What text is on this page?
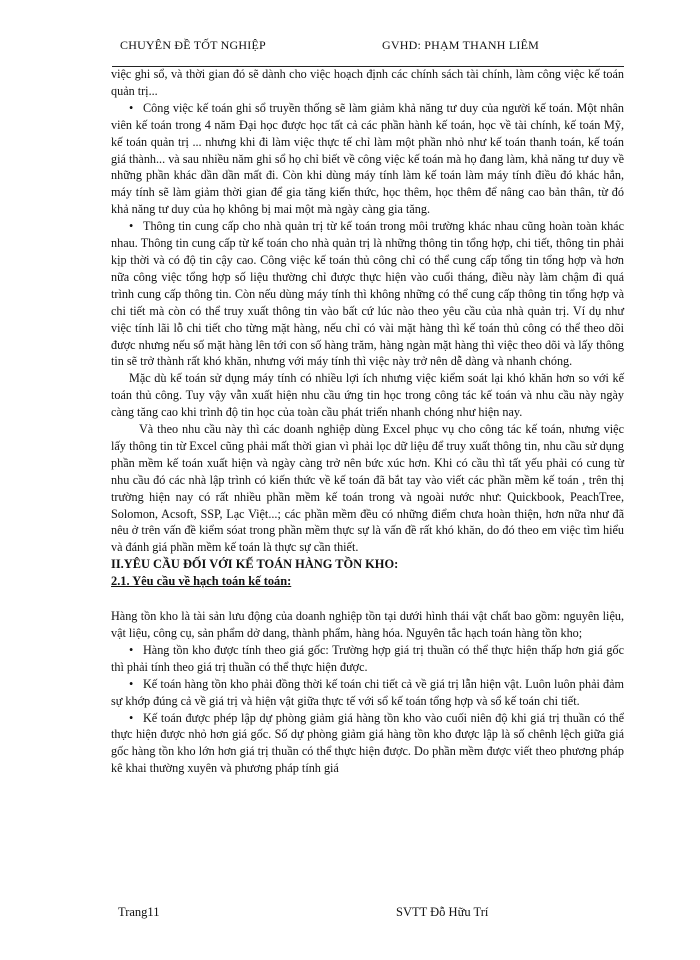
CHUYÊN ĐỀ TỐT NGHIỆP	GVHD: PHẠM THANH LIÊM

việc ghi sổ, và thời gian đó sẽ dành cho việc hoạch định các chính sách tài chính, làm công việc kế toán quản trị...

• Công việc kế toán ghi sổ truyền thống sẽ làm giảm khả năng tư duy của người kế toán. Một nhân viên kế toán trong 4 năm Đại học được học tất cả các phần hành kế toán, học về tài chính, kế toán Mỹ, kế toán quản trị ... nhưng khi đi làm việc thực tế chỉ làm một phần nhỏ như kế toán thanh toán, kế toán giá thành... và sau nhiều năm ghi sổ họ chỉ biết về công việc kế toán mà họ đang làm, khả năng tư duy về những phần khác dần dần mất đi. Còn khi dùng máy tính làm kế toán làm máy tính điều đó khác hẳn, máy tính sẽ làm giảm thời gian để gia tăng kiến thức, học thêm, học thêm để nâng cao bản thân, từ đó khả năng tư duy của họ không bị mai một mà ngày càng gia tăng.

• Thông tin cung cấp cho nhà quản trị từ kế toán trong môi trường khác nhau cũng hoàn toàn khác nhau. Thông tin cung cấp từ kế toán cho nhà quản trị là những thông tin tổng hợp, chi tiết, thông tin phải kịp thời và có độ tin cậy cao. Công việc kế toán thủ công chỉ có thể cung cấp tổng tin tổng hợp và hơn nữa công việc tổng hợp số liệu thường chỉ được thực hiện vào cuối tháng, điều này làm chậm đi quá trình cung cấp thông tin. Còn nếu dùng máy tính thì không những có thể cung cấp thông tin tổng hợp và chi tiết mà còn có thể truy xuất thông tin vào bất cứ lúc nào theo yêu cầu của nhà quản trị. Ví dụ như việc tính lãi lỗ chi tiết cho từng mặt hàng, nếu chỉ có vài mặt hàng thì kế toán thủ công có thể theo dõi được nhưng nếu số mặt hàng lên tới con số hàng trăm, hàng ngàn mặt hàng thì việc theo dõi và lấy thông tin sẽ trở thành rất khó khăn, nhưng với máy tính thì việc này trở nên dễ dàng và nhanh chóng.

Mặc dù kế toán sử dụng máy tính có nhiều lợi ích nhưng việc kiểm soát lại khó khăn hơn so với kế toán thủ công. Tuy vậy vẫn xuất hiện nhu cầu ứng tin học trong công tác kế toán và nhu cầu này ngày càng tăng cao khi trình độ tin học của toàn cầu phát triển nhanh chóng như hiện nay.

Và theo nhu cầu này thì các doanh nghiệp dùng Excel phục vụ cho công tác kế toán, nhưng việc lấy thông tin từ Excel cũng phải mất thời gian vì phải lọc dữ liệu để truy xuất thông tin, nhu cầu sử dụng phần mềm kế toán xuất hiện và ngày càng trở nên bức xúc hơn. Khi có cầu thì tất yếu phải có cung từ nhu cầu đó các nhà lập trình có kiến thức về kế toán đã bắt tay vào viết các phần mềm kế toán , trên thị trường hiện nay có rất nhiều phần mềm kế toán trong và ngoài nước như: Quickbook, PeachTree, Solomon, Acsoft, SSP, Lạc Việt...; các phần mềm đều có những điểm chưa hoàn thiện, hơn nữa như đã nêu ở trên vấn đề kiểm sóat trong phần mềm thực sự là vấn đề rất khó khăn, do đó theo em việc tìm hiểu và đánh giá phần mềm kế toán là thực sự cần thiết.

II.YÊU CẦU ĐỐI VỚI KẾ TOÁN HÀNG TỒN KHO:

2.1. Yêu cầu về hạch toán kế toán:

Hàng tồn kho là tài sản lưu động của doanh nghiệp tồn tại dưới hình thái vật chất bao gồm: nguyên liệu, vật liệu, công cụ, sản phẩm dở dang, thành phẩm, hàng hóa. Nguyên tắc hạch toán hàng tồn kho;

• Hàng tồn kho được tính theo giá gốc: Trường hợp giá trị thuần có thể thực hiện thấp hơn giá gốc thì phải tính theo giá trị thuần có thể thực hiện được.

• Kế toán hàng tồn kho phải đồng thời kế toán chi tiết cả về giá trị lẫn hiện vật. Luôn luôn phải đảm sự khớp đúng cả về giá trị và hiện vật giữa thực tế với sổ kế toán tổng hợp và sổ kế toán chi tiết.

• Kế toán được phép lập dự phòng giảm giá hàng tồn kho vào cuối niên độ khi giá trị thuần có thể thực hiện được nhỏ hơn giá gốc. Số dự phòng giảm giá hàng tồn kho được lập là số chênh lệch giữa giá gốc hàng tồn kho lớn hơn giá trị thuần có thể thực hiện được. Do phần mềm được viết theo phương pháp kê khai thường xuyên và phương pháp tính giá

Trang11	SVTT Đỗ Hữu Trí
